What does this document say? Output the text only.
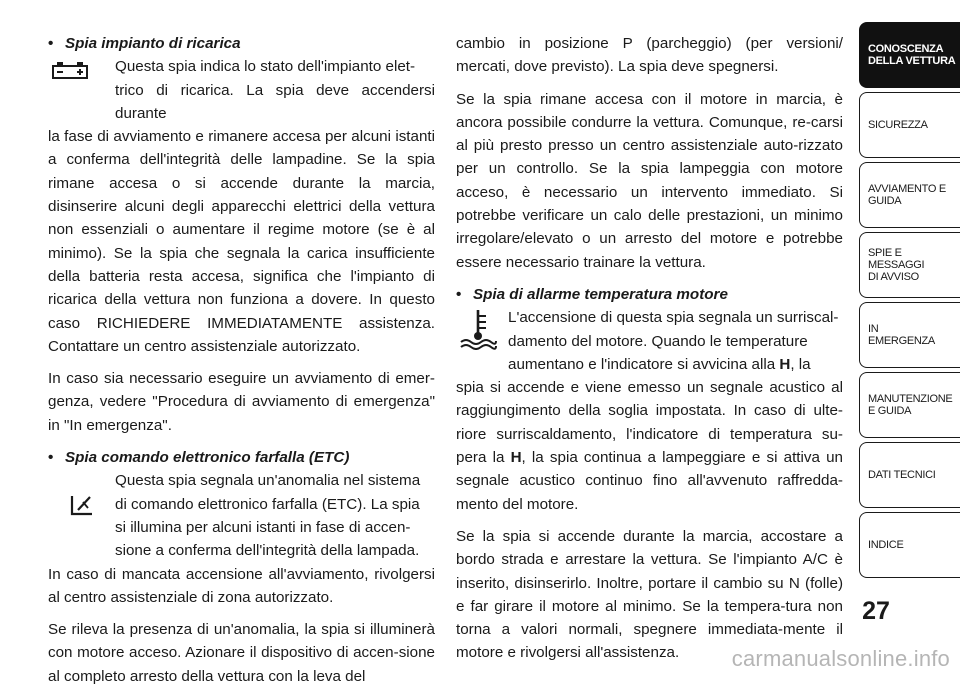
• Spia impianto di ricarica

Questa spia indica lo stato dell'impianto elet-

trico di ricarica. La spia deve accendersi durante

la fase di avviamento e rimanere accesa per alcuni istanti a conferma dell'integrità delle lampadine. Se la spia rimane accesa o si accende durante la marcia, disinserire alcuni degli apparecchi elettrici della vettura non essenziali o aumentare il regime motore (se è al minimo). Se la spia che segnala la carica insufficiente della batteria resta accesa, significa che l'impianto di ricarica della vettura non funziona a dovere. In questo caso RICHIEDERE IMMEDIATAMENTE assistenza. Contattare un centro assistenziale autorizzato.

In caso sia necessario eseguire un avviamento di emer-genza, vedere "Procedura di avviamento di emergenza" in "In emergenza".

• Spia comando elettronico farfalla (ETC)

Questa spia segnala un'anomalia nel sistema

di comando elettronico farfalla (ETC). La spia

si illumina per alcuni istanti in fase di accen-

sione a conferma dell'integrità della lampada.

In caso di mancata accensione all'avviamento, rivolgersi al centro assistenziale di zona autorizzato.

Se rileva la presenza di un'anomalia, la spia si illuminerà con motore acceso. Azionare il dispositivo di accen-sione al completo arresto della vettura con la leva del

cambio in posizione P (parcheggio) (per versioni/ mercati, dove previsto). La spia deve spegnersi.

Se la spia rimane accesa con il motore in marcia, è ancora possibile condurre la vettura. Comunque, re-carsi al più presto presso un centro assistenziale auto-rizzato per un controllo. Se la spia lampeggia con motore acceso, è necessario un intervento immediato. Si potrebbe verificare un calo delle prestazioni, un minimo irregolare/elevato o un arresto del motore e potrebbe essere necessario trainare la vettura.

• Spia di allarme temperatura motore

L'accensione di questa spia segnala un surriscal-

damento del motore. Quando le temperature

aumentano e l'indicatore si avvicina alla H, la

spia si accende e viene emesso un segnale acustico al raggiungimento della soglia impostata. In caso di ulte-riore surriscaldamento, l'indicatore di temperatura su-pera la H, la spia continua a lampeggiare e si attiva un segnale acustico continuo fino all'avvenuto raffredda-mento del motore.

Se la spia si accende durante la marcia, accostare a bordo strada e arrestare la vettura. Se l'impianto A/C è inserito, disinserirlo. Inoltre, portare il cambio su N (folle) e far girare il motore al minimo. Se la tempera-tura non torna a valori normali, spegnere immediata-mente il motore e rivolgersi all'assistenza.

CONOSCENZA
DELLA VETTURA
SICUREZZA
AVVIAMENTO E
GUIDA
SPIE E
MESSAGGI
DI AVVISO
IN
EMERGENZA
MANUTENZIONE
E GUIDA
DATI TECNICI
INDICE
27
carmanualsonline.info
